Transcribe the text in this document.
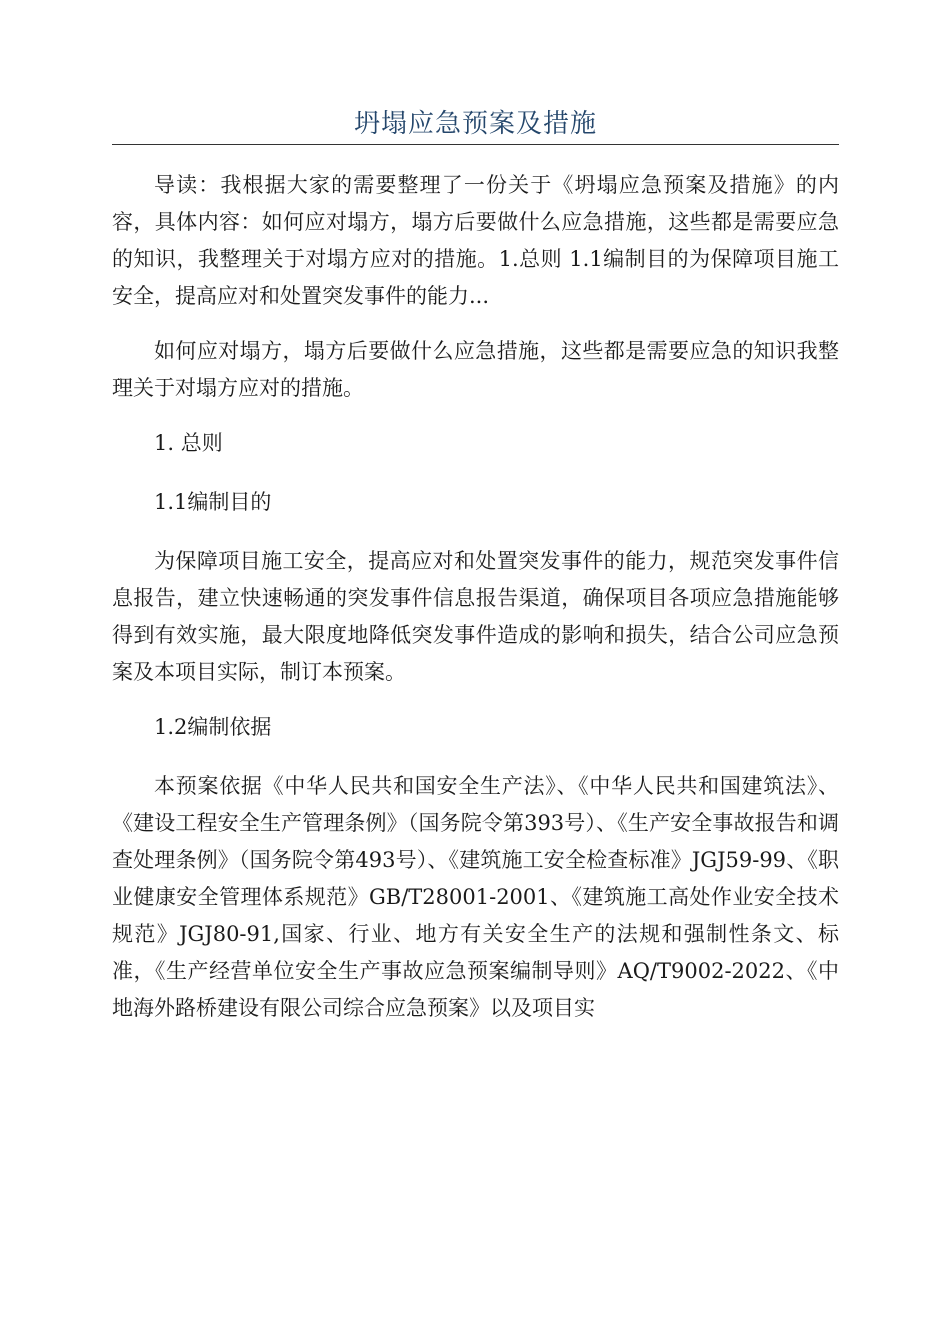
坍塌应急预案及措施

导读：我根据大家的需要整理了一份关于《坍塌应急预案及措施》的内容，具体内容：如何应对塌方，塌方后要做什么应急措施，这些都是需要应急的知识，我整理关于对塌方应对的措施。1.总则 1.1编制目的为保障项目施工安全，提高应对和处置突发事件的能力...

如何应对塌方，塌方后要做什么应急措施，这些都是需要应急的知识我整理关于对塌方应对的措施。

1. 总则

1.1编制目的

为保障项目施工安全，提高应对和处置突发事件的能力，规范突发事件信息报告，建立快速畅通的突发事件信息报告渠道，确保项目各项应急措施能够得到有效实施，最大限度地降低突发事件造成的影响和损失，结合公司应急预案及本项目实际，制订本预案。

1.2编制依据

本预案依据《中华人民共和国安全生产法》、《中华人民共和国建筑法》、《建设工程安全生产管理条例》（国务院令第393号）、《生产安全事故报告和调查处理条例》（国务院令第493号）、《建筑施工安全检查标准》JGJ59-99、《职业健康安全管理体系规范》GB/T28001-2001、《建筑施工高处作业安全技术规范》JGJ80-91,国家、行业、地方有关安全生产的法规和强制性条文、标准，《生产经营单位安全生产事故应急预案编制导则》AQ/T9002-2022、《中地海外路桥建设有限公司综合应急预案》以及项目实
